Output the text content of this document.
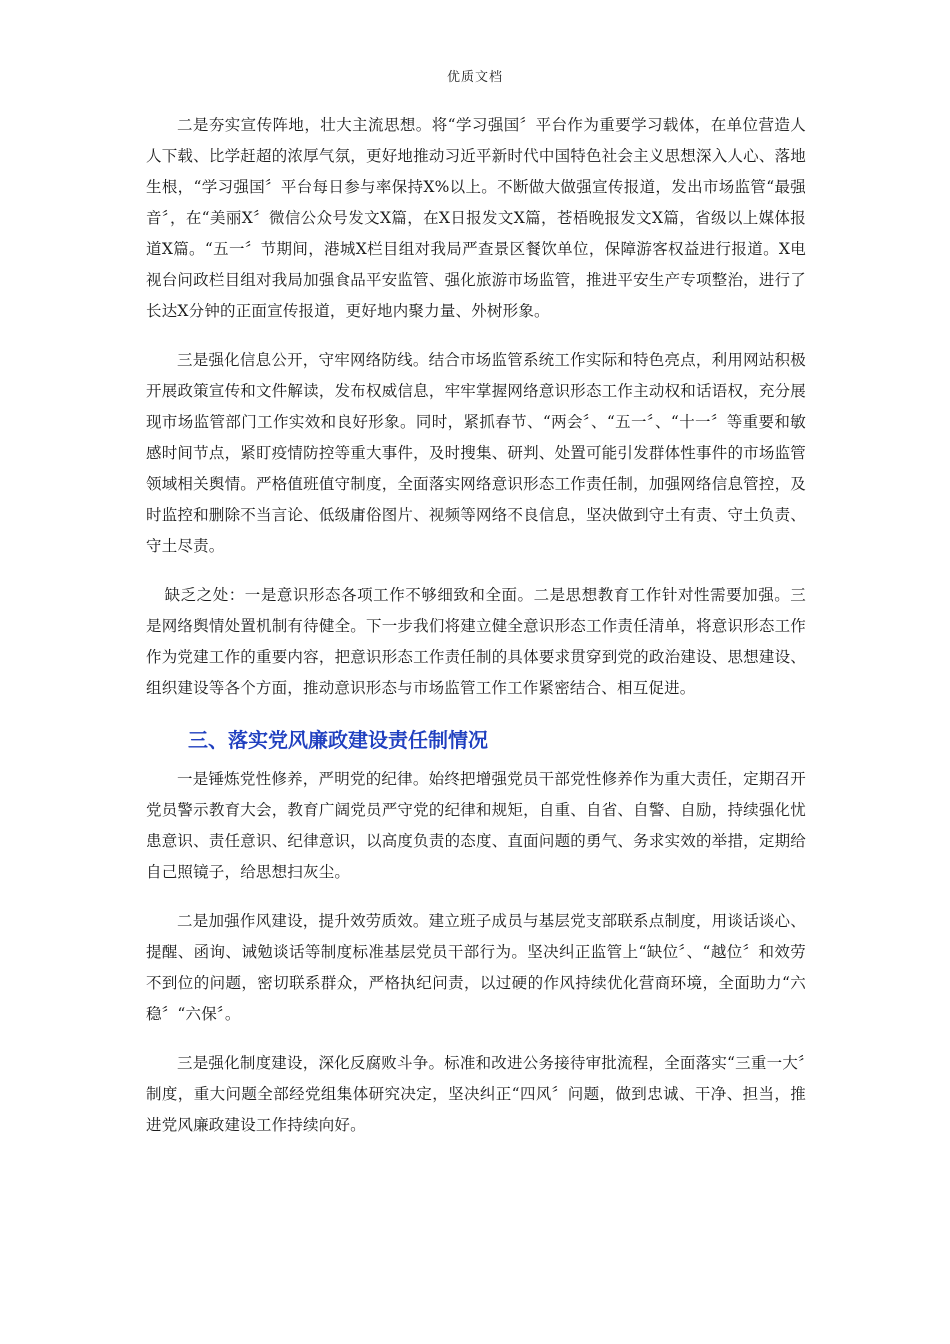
优质文档

二是夯实宣传阵地，壮大主流思想。将“学习强国〞平台作为重要学习载体，在单位营造人人下载、比学赶超的浓厚气氛，更好地推动习近平新时代中国特色社会主义思想深入人心、落地生根，“学习强国〞平台每日参与率保持X%以上。不断做大做强宣传报道，发出市场监管“最强音〞，在“美丽X〞微信公众号发文X篇，在X日报发文X篇，苍梧晚报发文X篇，省级以上媒体报道X篇。“五一〞节期间，港城X栏目组对我局严查景区餐饮单位，保障游客权益进行报道。X电视台问政栏目组对我局加强食品平安监管、强化旅游市场监管，推进平安生产专项整治，进行了长达X分钟的正面宣传报道，更好地内聚力量、外树形象。

三是强化信息公开，守牢网络防线。结合市场监管系统工作实际和特色亮点，利用网站积极开展政策宣传和文件解读，发布权威信息，牢牢掌握网络意识形态工作主动权和话语权，充分展现市场监管部门工作实效和良好形象。同时，紧抓春节、“两会〞、“五一〞、“十一〞等重要和敏感时间节点，紧盯疫情防控等重大事件，及时搜集、研判、处置可能引发群体性事件的市场监管领域相关舆情。严格值班值守制度，全面落实网络意识形态工作责任制，加强网络信息管控，及时监控和删除不当言论、低级庸俗图片、视频等网络不良信息，坚决做到守土有责、守土负责、守土尽责。

缺乏之处：一是意识形态各项工作不够细致和全面。二是思想教育工作针对性需要加强。三是网络舆情处置机制有待健全。下一步我们将建立健全意识形态工作责任清单，将意识形态工作作为党建工作的重要内容，把意识形态工作责任制的具体要求贯穿到党的政治建设、思想建设、组织建设等各个方面，推动意识形态与市场监管工作工作紧密结合、相互促进。

三、落实党风廉政建设责任制情况

一是锤炼党性修养，严明党的纪律。始终把增强党员干部党性修养作为重大责任，定期召开党员警示教育大会，教育广阔党员严守党的纪律和规矩，自重、自省、自警、自励，持续强化忧患意识、责任意识、纪律意识，以高度负责的态度、直面问题的勇气、务求实效的举措，定期给自己照镜子，给思想扫灰尘。

二是加强作风建设，提升效劳质效。建立班子成员与基层党支部联系点制度，用谈话谈心、提醒、函询、诫勉谈话等制度标准基层党员干部行为。坚决纠正监管上“缺位〞、“越位〞和效劳不到位的问题，密切联系群众，严格执纪问责，以过硬的作风持续优化营商环境，全面助力“六稳〞“六保〞。

三是强化制度建设，深化反腐败斗争。标准和改进公务接待审批流程，全面落实“三重一大〞制度，重大问题全部经党组集体研究决定，坚决纠正“四风〞问题，做到忠诚、干净、担当，推进党风廉政建设工作持续向好。
